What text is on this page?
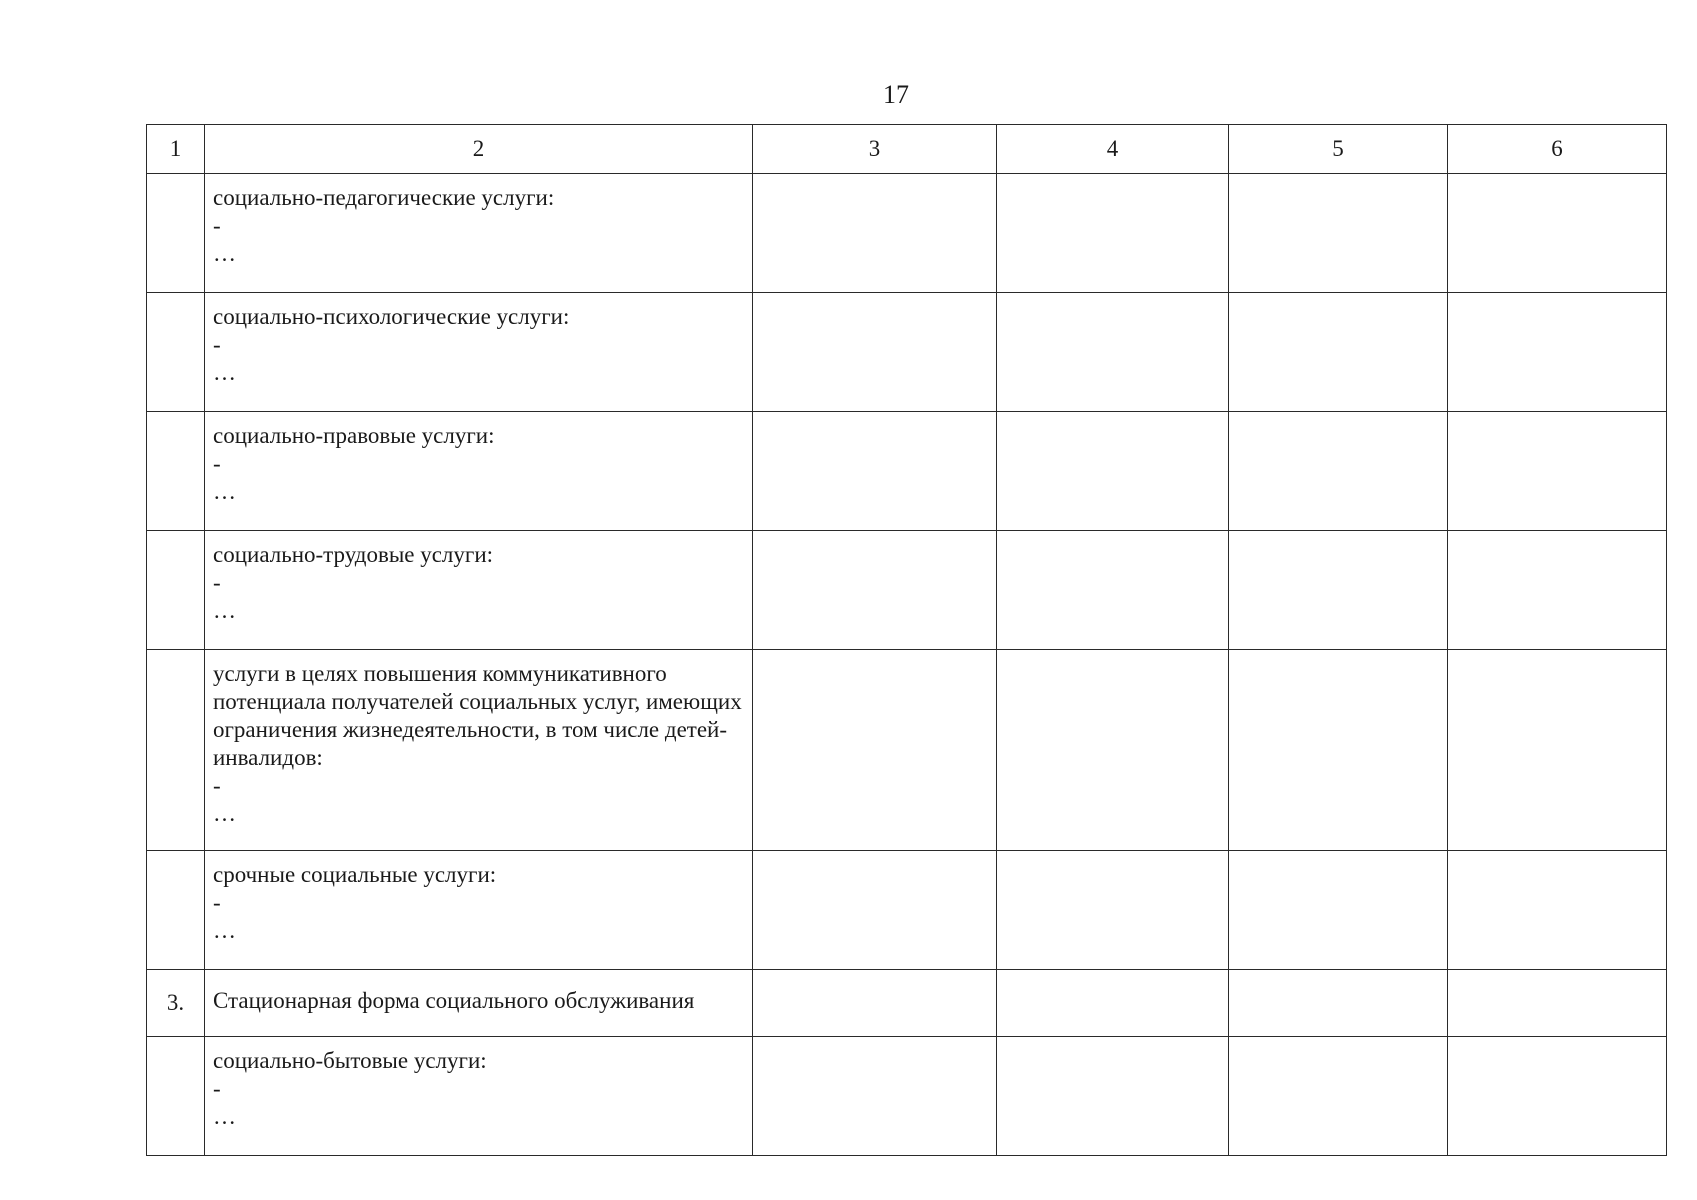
17
1	2	3	4	5	6

	социально-педагогические услуги:
-
…				

	социально-психологические услуги:
-
…				

	социально-правовые услуги:
-
…				

	социально-трудовые услуги:
-
…				

	услуги в целях повышения коммуникативного потенциала получателей социальных услуг, имеющих ограничения жизнедеятельности, в том числе детей-инвалидов:
-
…				

	срочные социальные услуги:
-
…				

3.	Стационарная форма социального обслуживания				

	социально-бытовые услуги:
-
…				
